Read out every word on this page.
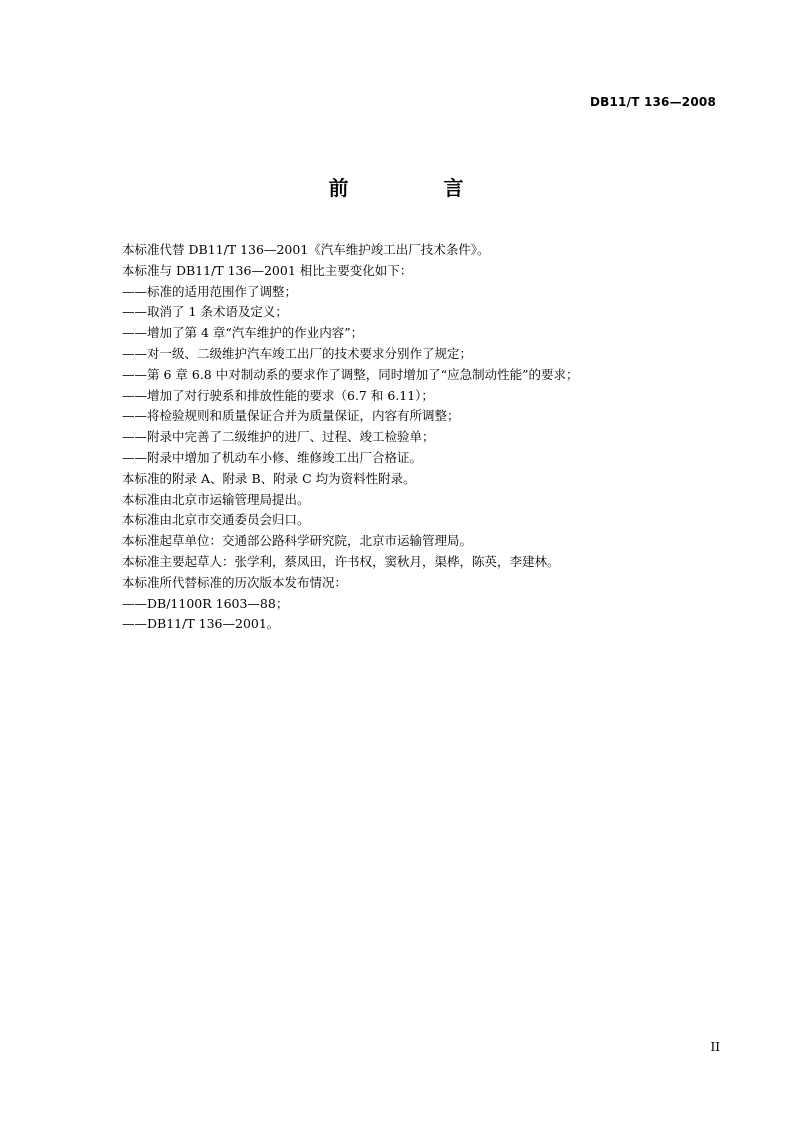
DB11/T 136—2008
前 言
本标准代替 DB11/T 136—2001《汽车维护竣工出厂技术条件》。
本标准与 DB11/T 136—2001 相比主要变化如下：
——标准的适用范围作了调整；
——取消了 1 条术语及定义；
——增加了第 4 章“汽车维护的作业内容”；
——对一级、二级维护汽车竣工出厂的技术要求分别作了规定；
——第 6 章 6.8 中对制动系的要求作了调整，同时增加了“应急制动性能”的要求；
——增加了对行驶系和排放性能的要求（6.7 和 6.11）；
——将检验规则和质量保证合并为质量保证，内容有所调整；
——附录中完善了二级维护的进厂、过程、竣工检验单；
——附录中增加了机动车小修、维修竣工出厂合格证。
本标准的附录 A、附录 B、附录 C 均为资料性附录。
本标准由北京市运输管理局提出。
本标准由北京市交通委员会归口。
本标准起草单位：交通部公路科学研究院，北京市运输管理局。
本标准主要起草人：张学利，蔡凤田，许书权，窦秋月，渠桦，陈英，李建林。
本标准所代替标准的历次版本发布情况：
——DB/1100R 1603—88；
——DB11/T 136—2001。
II
